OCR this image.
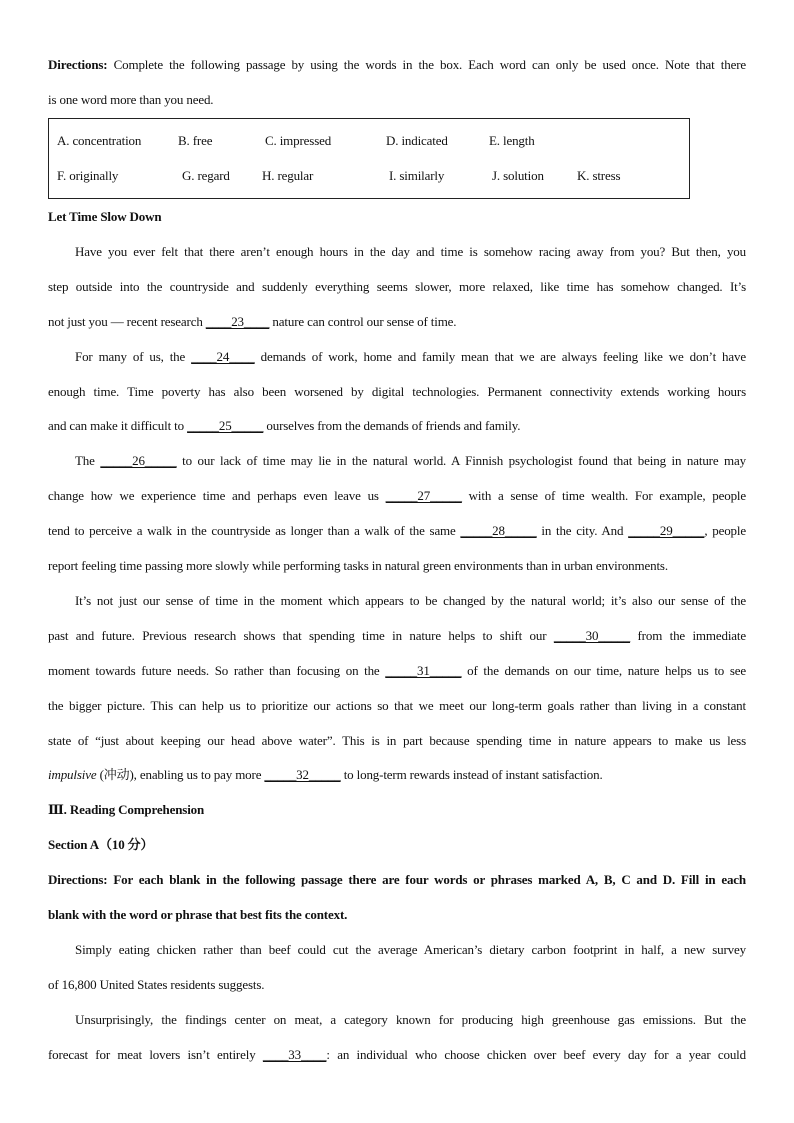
Directions: Complete the following passage by using the words in the box. Each word can only be used once. Note that there
is one word more than you need.
A. concentration	B. free	C. impressed	D. indicated	E. length
F. originally	G. regard H. regular	I. similarly	J. solution	K. stress
Let Time Slow Down
Have you ever felt that there aren’t enough hours in the day and time is somehow racing away from you? But then, you
step outside into the countryside and suddenly everything seems slower, more relaxed, like time has somehow changed. It’s
not just you — recent research ____23____ nature can control our sense of time.
For many of us, the ____24____ demands of work, home and family mean that we are always feeling like we don’t have
enough time. Time poverty has also been worsened by digital technologies. Permanent connectivity extends working hours
and can make it difficult to _____25_____ ourselves from the demands of friends and family.
The _____26_____ to our lack of time may lie in the natural world. A Finnish psychologist found that being in nature may
change how we experience time and perhaps even leave us _____27_____ with a sense of time wealth. For example, people
tend to perceive a walk in the countryside as longer than a walk of the same _____28_____ in the city. And _____29_____, people
report feeling time passing more slowly while performing tasks in natural green environments than in urban environments.
It’s not just our sense of time in the moment which appears to be changed by the natural world; it’s also our sense of the
past and future. Previous research shows that spending time in nature helps to shift our _____30_____ from the immediate
moment towards future needs. So rather than focusing on the _____31_____ of the demands on our time, nature helps us to see
the bigger picture. This can help us to prioritize our actions so that we meet our long-term goals rather than living in a constant
state of “just about keeping our head above water”. This is in part because spending time in nature appears to make us less
impulsive (冲动), enabling us to pay more _____32_____ to long-term rewards instead of instant satisfaction.
Ⅲ. Reading Comprehension
Section A（10 分）
Directions: For each blank in the following passage there are four words or phrases marked A, B, C and D. Fill in each
blank with the word or phrase that best fits the context.
Simply eating chicken rather than beef could cut the average American’s dietary carbon footprint in half, a new survey
of 16,800 United States residents suggests.
Unsurprisingly, the findings center on meat, a category known for producing high greenhouse gas emissions. But the
forecast for meat lovers isn’t entirely ____33____: an individual who choose chicken over beef every day for a year could
